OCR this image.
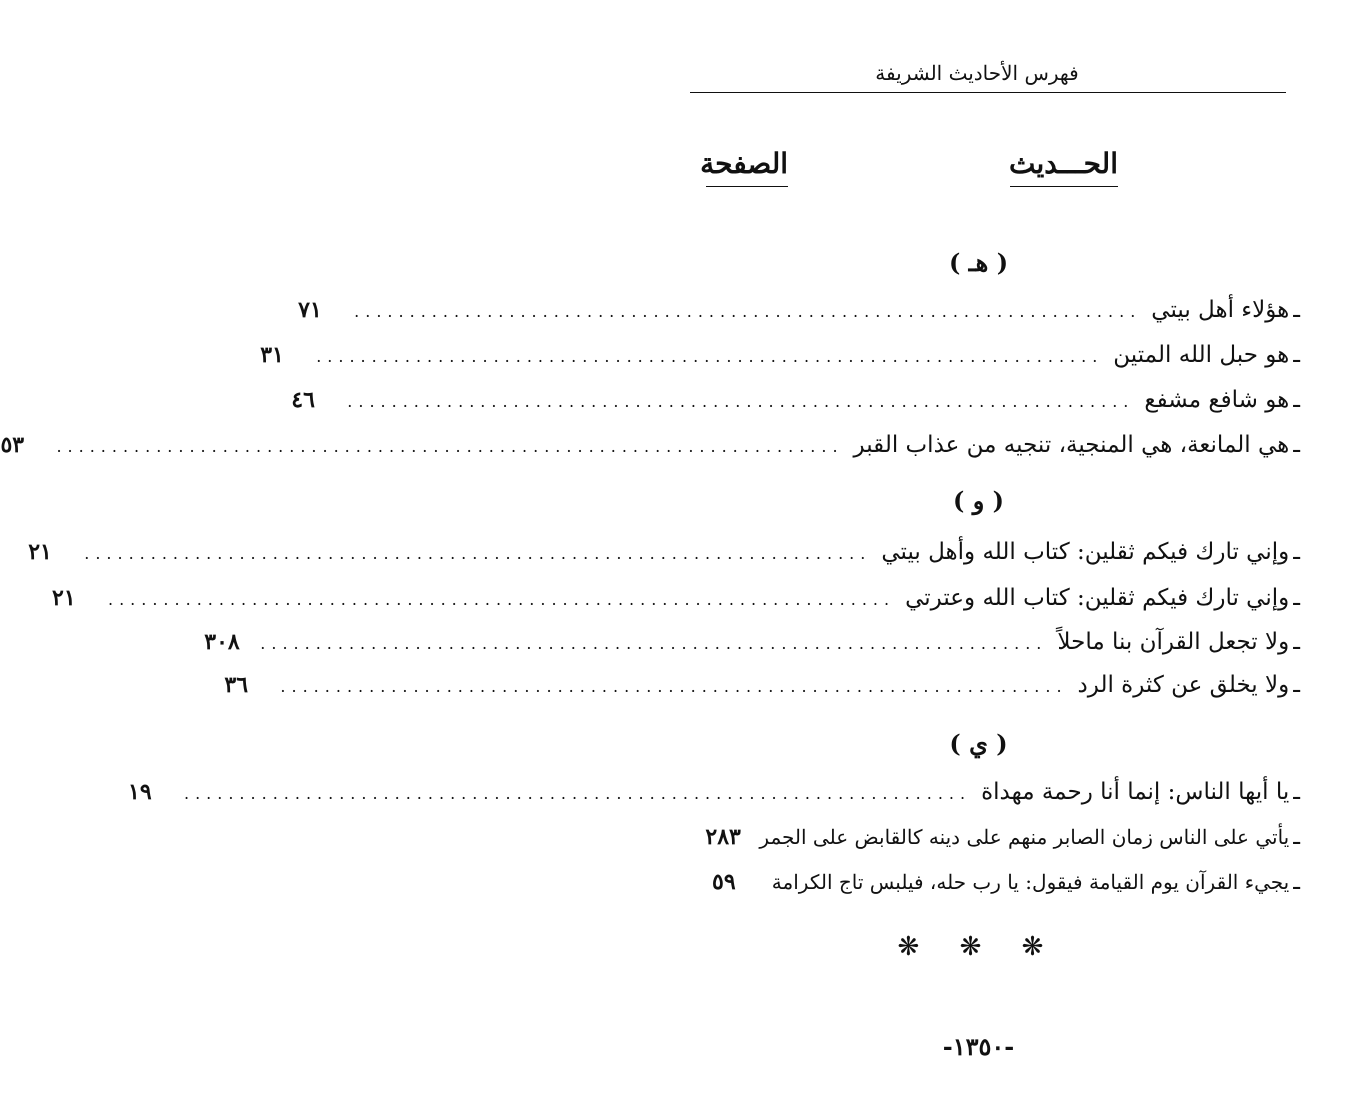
فهرس الأحاديث الشريفة
الحـــديث
الصفحة
( هـ )
ـ
هؤلاء أهل بيتي
.......................................................................
٧١
ـ
هو حبل الله المتين
.......................................................................
٣١
ـ
هو شافع مشفع
.......................................................................
٤٦
ـ
هي المانعة، هي المنجية، تنجيه من عذاب القبر
.......................................................................
٥٣
( و )
ـ
وإني تارك فيكم ثقلين: كتاب الله وأهل بيتي
.......................................................................
٢١
ـ
وإني تارك فيكم ثقلين: كتاب الله وعترتي
.......................................................................
٢١
ـ
ولا تجعل القرآن بنا ماحلاً
.......................................................................
٣٠٨
ـ
ولا يخلق عن كثرة الرد
.......................................................................
٣٦
( ي )
ـ
يا أيها الناس: إنما أنا رحمة مهداة
.......................................................................
١٩
ـ
يأتي على الناس زمان الصابر منهم على دينه كالقابض على الجمر
٢٨٣
ـ
يجيء القرآن يوم القيامة فيقول: يا رب حله، فيلبس تاج الكرامة
٥٩
❋ ❋ ❋
-١٣٥٠-
